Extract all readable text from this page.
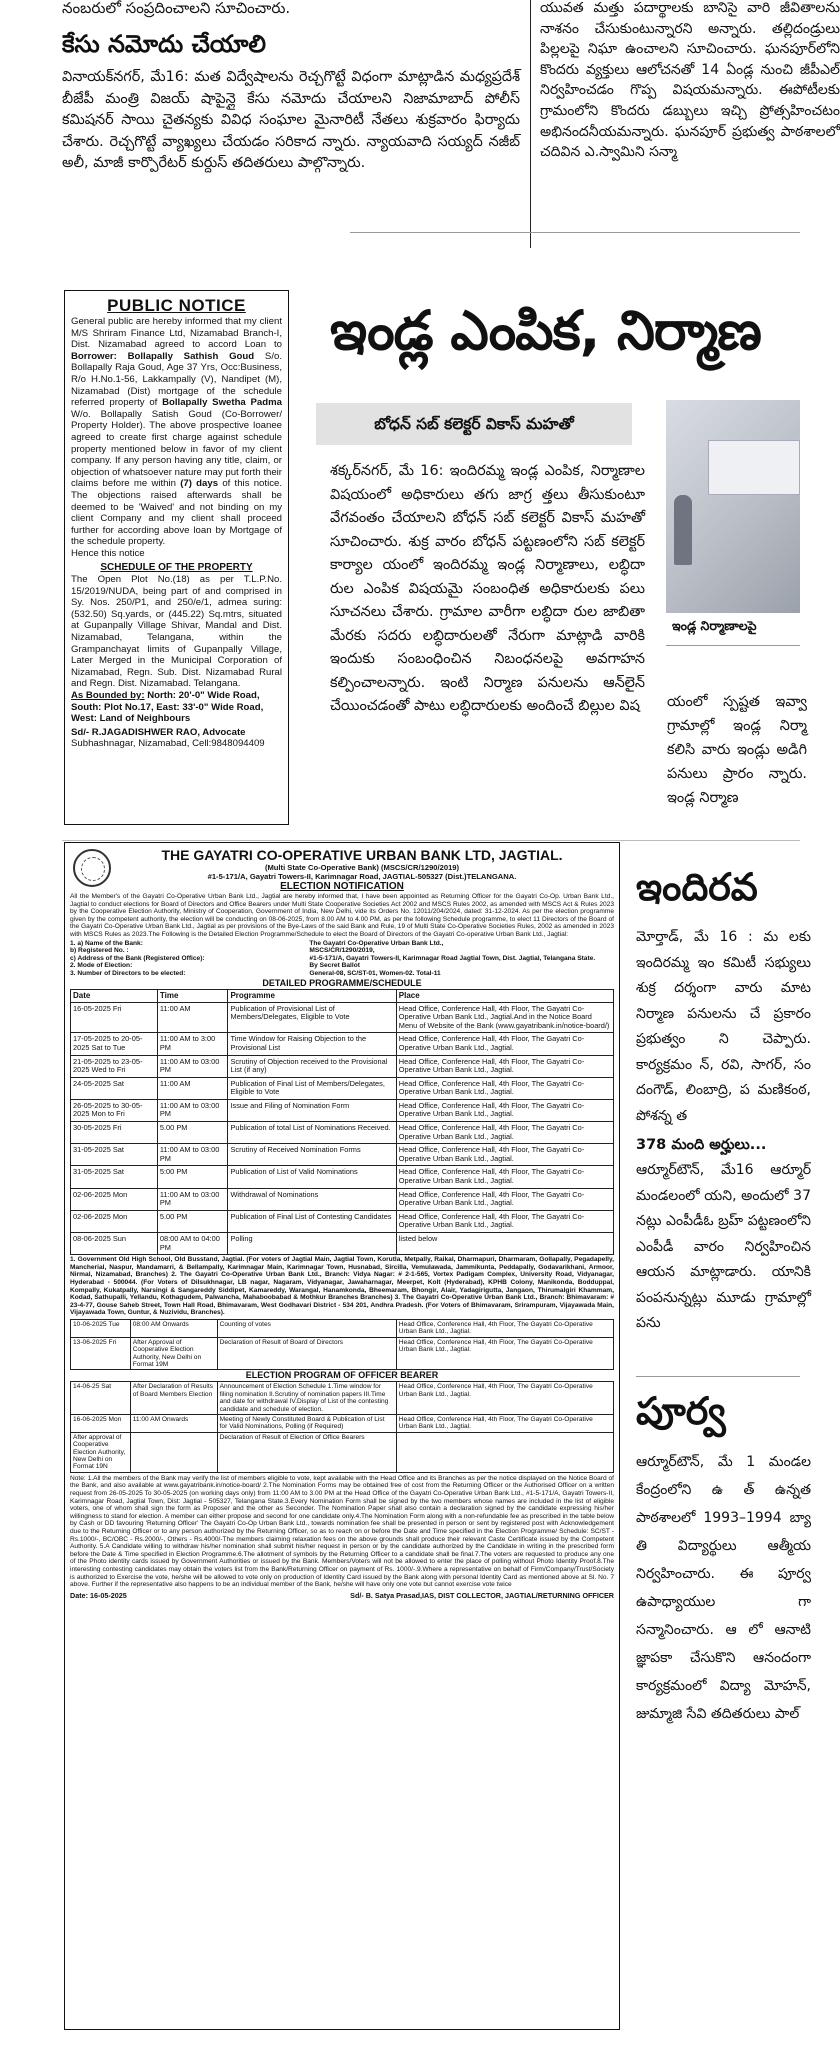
నంబరులో సంప్రదించాలని సూచించారు.
కేసు నమోదు చేయాలి
వినాయక్‌నగర్, మే16: మత విద్వేషాలను రెచ్చగొట్టే విధంగా మాట్లాడిన మధ్యప్రదేశ్ బీజేపీ మంత్రి విజయ్ షాపైన్లై కేసు నమోదు చేయాలని నిజామాబాద్ పోలీస్ కమిషనర్ సాయి చైతన్యకు వివిధ సంఘాల మైనారిటీ నేతలు శుక్రవారం ఫిర్యాదు చేశారు. రెచ్చగొట్టే వ్యాఖ్యలు చేయడం సరికాద న్నారు. న్యాయవాది సయ్యద్ నజీబ్ అలీ, మాజీ కార్పొరేటర్ కుర్దుస్ తదితరులు పాల్గొన్నారు.
యువత మత్తు పదార్థాలకు బానిసై వారి జీవితాలను నాశనం చేసుకుంటున్నారని అన్నారు. తల్లిదండ్రులు పిల్లలపై నిఘా ఉంచాలని సూచించారు. ఘనపూర్‌లోని కొందరు వ్యక్తులు ఆలోచనతో 14 ఏండ్ల నుంచి జీపీఎల్ నిర్వహించడం గొప్ప విషయమన్నారు. ఈపోటీలకు గ్రామంలోని కొందరు డబ్బులు ఇచ్చి ప్రోత్సహించటం అభినందనీయమన్నారు. ఘనపూర్ ప్రభుత్వ పాఠశాలలో చదివిన ఎ.స్వామిని సన్మా
PUBLIC NOTICE

General public are hereby informed that my client M/S Shriram Finance Ltd, Nizamabad Branch-I, Dist. Nizamabad agreed to accord Loan to Borrower: Bollapally Sathish Goud S/o. Bollapally Raja Goud, Age 37 Yrs, Occ:Business, R/o H.No.1-56, Lakkampally (V), Nandipet (M), Nizamabad (Dist) mortgage of the schedule referred property of Bollapally Swetha Padma W/o. Bollapally Satish Goud (Co-Borrower/ Property Holder). The above prospective loanee agreed to create first charge against schedule property mentioned below in favor of my client company. If any person having any title, claim, or objection of whatsoever nature may put forth their claims before me within (7) days of this notice. The objections raised afterwards shall be deemed to be 'Waived' and not binding on my client Company and my client shall proceed further for according above loan by Mortgage of the schedule property.

Hence this notice

SCHEDULE OF THE PROPERTY

The Open Plot No.(18) as per T.L.P.No. 15/2019/NUDA, being part of and comprised in Sy. Nos. 250/P1, and 250/e/1, admea suring: (532.50) Sq.yards, or (445.22) Sq.mtrs, situated at Gupanpally Village Shivar, Mandal and Dist. Nizamabad, Telangana, within the Grampanchayat limits of Gupanpally Village, Later Merged in the Municipal Corporation of Nizamabad, Regn. Sub. Dist. Nizamabad Rural and Regn. Dist. Nizamabad. Telangana.

As Bounded by: North: 20'-0" Wide Road,

South: Plot No.17, East: 33'-0" Wide Road,

West: Land of Neighbours

Sd/- R.JAGADISHWER RAO, Advocate

Subhashnagar, Nizamabad, Cell:9848094409

ఇండ్ల ఎంపిక, నిర్మాణ
బోధన్ సబ్ కలెక్టర్ వికాస్ మహతో
శక్కర్‌నగర్, మే 16: ఇందిరమ్మ ఇండ్ల ఎంపిక, నిర్మాణాల విషయంలో అధికారులు తగు జాగ్ర త్తలు తీసుకుంటూ వేగవంతం చేయాలని బోధన్ సబ్ కలెక్టర్ వికాస్ మహతో సూచించారు. శుక్ర వారం బోధన్ పట్టణంలోని సబ్ కలెక్టర్ కార్యాల యంలో ఇందిరమ్మ ఇండ్ల నిర్మాణాలు, లబ్ధిదా రుల ఎంపిక విషయమై సంబంధిత అధికారులకు పలు సూచనలు చేశారు. గ్రామాల వారీగా లబ్ధిదా రుల జాబితా మేరకు సదరు లబ్ధిదారులతో నేరుగా మాట్లాడి వారికి ఇందుకు సంబంధించిన నిబంధనలపై అవగాహన కల్పించాలన్నారు. ఇంటి నిర్మాణ పనులను ఆన్‌లైన్ చేయించడంతో పాటు లబ్ధిదారులకు అందించే బిల్లుల విష
ఇండ్ల నిర్మాణాలపై
యంలో స్పష్టత ఇవ్వా గ్రామాల్లో ఇండ్ల నిర్మా కలిసి వారు ఇండ్లు అడిగి పనులు ప్రారం న్నారు. ఇండ్ల నిర్మాణ
THE GAYATRI CO-OPERATIVE URBAN BANK LTD, JAGTIAL.
(Multi State Co-Operative Bank) (MSCS/CR/1290/2019)
#1-5-171/A, Gayatri Towers-II, Karimnagar Road, JAGTIAL-505327 (Dist.)TELANGANA.
ELECTION NOTIFICATION
All the Member's of the Gayatri Co-Operative Urban Bank Ltd., Jagtial are hereby informed that, I have been appointed as Returning Officer for the Gayatri Co-Op. Urban Bank Ltd., Jagtial to conduct elections for Board of Directors and Office Bearers under Multi State Cooperative Societies Act 2002 and MSCS Rules 2002, as amended with MSCS Act & Rules 2023 by the Cooperative Election Authority, Ministry of Cooperation, Government of India, New Delhi, vide its Orders No. 12011/204/2024, dated: 31-12-2024. As per the election programme given by the competent authority, the election will be conducting on 08-06-2025, from 8.00 AM to 4.00 PM, as per the following Schedule programme, to elect 11 Directors of the Board of the Gayatri Co-Operative Urban Bank Ltd., Jagtial as per provisions of the Bye-Laws of the said Bank and Rule, 19 of Multi State Co-Operative Societies Rules, 2002 as amended in 2023 with MSCS Rules as 2023.The Following is the Detailed Election Programme/Schedule to elect the Board of Directors of the Gayatri Co-operative Urban Bank Ltd., Jagtial:
1. a) Name of the Bank:	The Gayatri Co-Operative Urban Bank Ltd.,
b) Registered No. :	MSCS/CR/1290/2019,
c) Address of the Bank (Registered Office):	#1-5-171/A, Gayatri Towers-II, Karimnagar Road Jagtial Town, Dist. Jagtial, Telangana State.
2. Mode of Election:	By Secret Ballot
3. Number of Directors to be elected:	General-08, SC/ST-01, Women-02. Total-11
DETAILED PROGRAMME/SCHEDULE
Date	Time	Programme	Place
16-05-2025 Fri	11:00 AM	Publication of Provisional List of Members/Delegates, Eligible to Vote	Head Office, Conference Hall, 4th Floor, The Gayatri Co-Operative Urban Bank Ltd., Jagtial.And in the Notice Board Menu of Website of the Bank (www.gayatribank.in/notice-board/)
17-05-2025 to 20-05-2025 Sat to Tue	11:00 AM to 3:00 PM	Time Window for Raising Objection to the Provisional List	Head Office, Conference Hall, 4th Floor, The Gayatri Co-Operative Urban Bank Ltd., Jagtial.
21-05-2025 to 23-05-2025 Wed to Fri	11:00 AM to 03:00 PM	Scrutiny of Objection received to the Provisional List (if any)	Head Office, Conference Hall, 4th Floor, The Gayatri Co-Operative Urban Bank Ltd., Jagtial.
24-05-2025 Sat	11:00 AM	Publication of Final List of Members/Delegates, Eligible to Vote	Head Office, Conference Hall, 4th Floor, The Gayatri Co-Operative Urban Bank Ltd., Jagtial.
26-05-2025 to 30-05-2025 Mon to Fri	11:00 AM to 03:00 PM	Issue and Filing of Nomination Form	Head Office, Conference Hall, 4th Floor, The Gayatri Co-Operative Urban Bank Ltd., Jagtial.
30-05-2025 Fri	5.00 PM	Publication of total List of Nominations Received.	Head Office, Conference Hall, 4th Floor, The Gayatri Co-Operative Urban Bank Ltd., Jagtial.
31-05-2025 Sat	11:00 AM to 03:00 PM	Scrutiny of Received Nomination Forms	Head Office, Conference Hall, 4th Floor, The Gayatri Co-Operative Urban Bank Ltd., Jagtial.
31-05-2025 Sat	5:00 PM	Publication of List of Valid Nominations	Head Office, Conference Hall, 4th Floor, The Gayatri Co-Operative Urban Bank Ltd., Jagtial.
02-06-2025 Mon	11:00 AM to 03:00 PM	Withdrawal of Nominations	Head Office, Conference Hall, 4th Floor, The Gayatri Co-Operative Urban Bank Ltd., Jagtial.
02-06-2025 Mon	5.00 PM	Publication of Final List of Contesting Candidates	Head Office, Conference Hall, 4th Floor, The Gayatri Co-Operative Urban Bank Ltd., Jagtial.
08-06-2025 Sun	08:00 AM to 04:00 PM	Polling	listed below
1. Government Old High School, Old Busstand, Jagtial. (For voters of Jagtial Main, Jagtial Town, Korutla, Metpally, Raikal, Dharmapuri, Dharmaram, Gollapally, Pegadapelly, Mancherial, Naspur, Mandamarri, & Bellampally, Karimnagar Main, Karimnagar Town, Husnabad, Sircilla, Vemulawada, Jammikunta, Peddapally, Godavarikhani, Armoor, Nirmal, Nizamabad, Branches) 2. The Gayatri Co-Operative Urban Bank Ltd., Branch: Vidya Nagar: # 2-1-565, Vortex Padigam Complex, University Road, Vidyanagar, Hyderabad - 500044. (For Voters of Dilsukhnagar, LB nagar, Nagaram, Vidyanagar, Jawaharnagar, Meerpet, Kolt (Hyderabad), KPHB Colony, Manikonda, Bodduppal, Kompally, Kukatpally, Narsingi & Sangareddy Siddipet, Kamareddy, Warangal, Hanamkonda, Bheemaram, Bhongir, Alair, Yadagirigutta, Jangaon, Thirumalgiri Khammam, Kodad, Sathupalli, Yellandu, Kothagudem, Palwancha, Mahaboobabad & Mothkur Branches Branches) 3. The Gayatri Co-Operative Urban Bank Ltd., Branch: Bhimavaram: # 23-4-77, Gouse Saheb Street, Town Hall Road, Bhimavaram, West Godhavari District - 534 201, Andhra Pradesh. (For Voters of Bhimavaram, Srirampuram, Vijayawada Main, Vijayawada Town, Guntur, & Nuzividu, Branches).
10-06-2025 Tue	08:00 AM Onwards	Counting of votes	Head Office, Conference Hall, 4th Floor, The Gayatri Co-Operative Urban Bank Ltd., Jagtial.
13-06-2025 Fri	After Approval of Cooperative Election Authority, New Delhi on Format 19M	Declaration of Result of Board of Directors	Head Office, Conference Hall, 4th Floor, The Gayatri Co-Operative Urban Bank Ltd., Jagtial.
ELECTION PROGRAM OF OFFICER BEARER
14-06-25 Sat	After Declaration of Results of Board Members Election	Announcement of Election Schedule 1.Time window for filing nomination II.Scrutiny of nomination papers III.Time and date for withdrawal IV.Display of List of the contesting candidate and schedule of election.	Head Office, Conference Hall, 4th Floor, The Gayatri Co-Operative Urban Bank Ltd., Jagtial.
16-06-2025 Mon	11:00 AM Onwards	Meeting of Newly Constituted Board & Publication of List for Valid Nominations, Polling (if Required)	Head Office, Conference Hall, 4th Floor, The Gayatri Co-Operative Urban Bank Ltd., Jagtial.
After approval of Cooperative Election Authority, New Delhi on Format 19N		Declaration of Result of Election of Office Bearers	
Note: 1.All the members of the Bank may verify the list of members eligible to vote, kept available with the Head Office and its Branches as per the notice displayed on the Notice Board of the Bank, and also available at www.gayatribank.in/notice-board/ 2.The Nomination Forms may be obtained free of cost from the Returning Officer or the Authorised Officer on a written request from 26-05-2025 To 30-05-2025 (on working days only) from 11:00 AM to 3.00 PM at the Head Office of the Gayatri Co-Operative Urban Bank Ltd., #1-5-171/A, Gayatri Towers-II, Karimnagar Road, Jagtial Town, Dist: Jagtial - 505327, Telangana State.3.Every Nomination Form shall be signed by the two members whose names are included in the list of eligible voters, one of whom shall sign the form as Proposer and the other as Seconder. The Nomination Paper shall also contain a declaration signed by the candidate expressing his/her willingness to stand for election. A member can either propose and second for one candidate only.4.The Nomination Form along with a non-refundable fee as prescribed in the table below by Cash or DD favouring 'Returning Officer' The Gayatri Co-Op Urban Bank Ltd., towards nomination fee shall be presented in person or sent by registered post with Acknowledgement due to the Returning Officer or to any person authorized by the Returning Officer, so as to reach on or before the Date and Time specified in the Election Programme/ Schedule: SC/ST - Rs.1000/-, BC/OBC - Rs.2000/-, Others - Rs.4000/-The members claiming relaxation fees on the above grounds shall produce their relevant Caste Certificate issued by the Competent Authority. 5.A Candidate willing to withdraw his/her nomination shall submit his/her request in person or by the candidate authorized by the Candidate in writing in the prescribed form before the Date & Time specified in Election Programme.6.The allotment of symbols by the Returning Officer to a candidate shall be final.7.The voters are requested to produce any one of the Photo identity cards issued by Government Authorities or issued by the Bank. Members/Voters will not be allowed to enter the place of polling without Photo Identity Proof.8.The interesting contesting candidates may obtain the voters list from the Bank/Returning Officer on payment of Rs. 1000/-.9.Where a representative on behalf of Firm/Company/Trust/Society is authorized to Exercise the vote, he/she will be allowed to vote only on production of Identity Card issued by the Bank along with personal Identity Card as mentioned above at Sl. No. 7 above. Further if the representative also happens to be an individual member of the Bank, he/she will have only one vote but cannot exercise vote twice
Date: 16-05-2025	Sd/- B. Satya Prasad,IAS, DIST COLLECTOR, JAGTIAL/RETURNING OFFICER
ఇందిరవ
మోర్తాడ్, మే 16 : మ లకు ఇందిరమ్మ ఇం కమిటీ సభ్యులు శుక్ర దర్శంగా వారు మాట నిర్మాణ పనులను చే ప్రకారం ప్రభుత్వం ని చెప్పారు. కార్యక్రమం న్, రవి, సాగర్, సం దంగౌడ్, లింబాద్రి, ప మణికంఠ, పోశన్న త
378 మంది అర్హులు...
ఆర్మూర్‌టౌన్, మే16 ఆర్మూర్ మండలంలో యని, అందులో 37 నట్లు ఎంపీడీఓ బ్రహ్ పట్టణంలోని ఎంపీడీ వారం నిర్వహించిన ఆయన మాట్లాడారు. యానికి పంపనున్నట్లు మూడు గ్రామాల్లో పను
పూర్వ
ఆర్మూర్‌టౌన్, మే 1 మండల కేంద్రంలోని ఉ త్ ఉన్నత పాఠశాలలో 1993–1994 బ్యా తి విద్యార్థులు ఆత్మీయ నిర్వహించారు. ఈ పూర్వ ఉపాధ్యాయుల గా సన్మానించారు. ఆ లో ఆనాటి జ్ఞాపకా చేసుకొని ఆనందంగా కార్యక్రమంలో విద్యా మోహన్, జుమ్మాజి సేవి తదితరులు పాల్
